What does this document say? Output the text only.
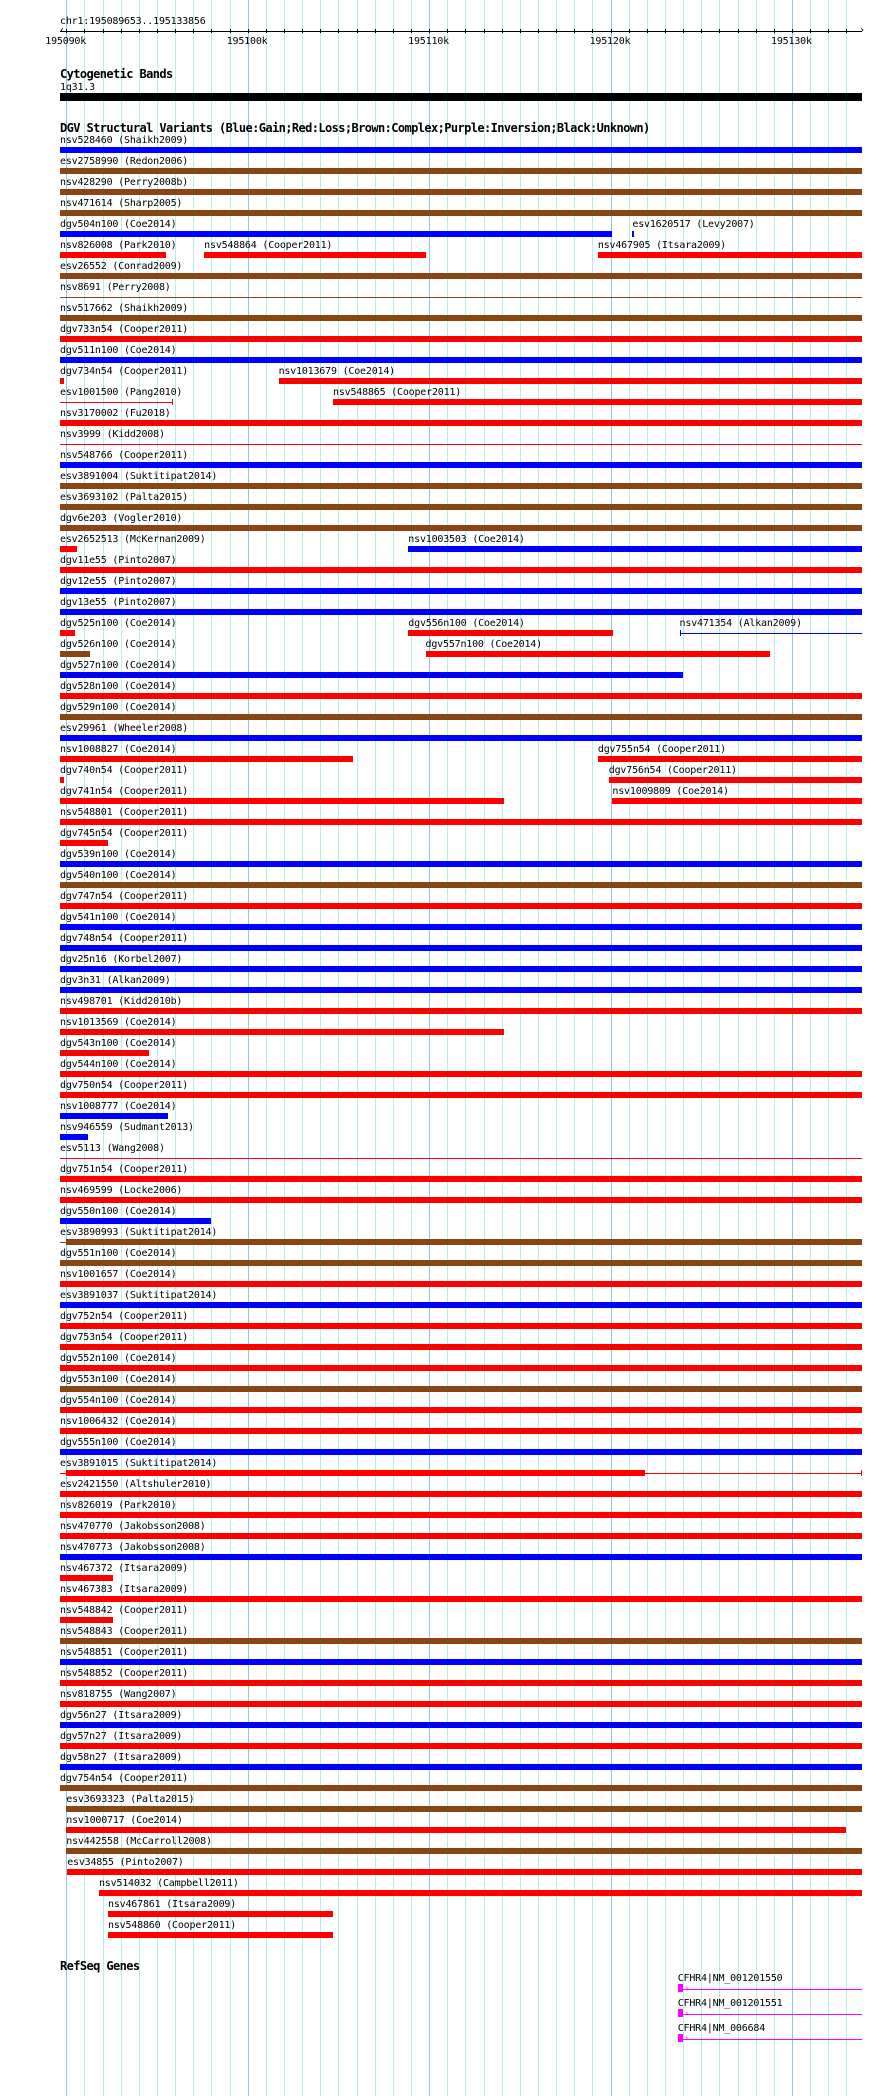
chr1:195089653..195133856
‹	›
195090k	195100k	195110k	195120k	195130k
Cytogenetic Bands
1q31.3
DGV Structural Variants (Blue:Gain;Red:Loss;Brown:Complex;Purple:Inversion;Black:Unknown)
nsv528460 (Shaikh2009)
esv2758990 (Redon2006)
nsv428290 (Perry2008b)
nsv471614 (Sharp2005)
dgv504n100 (Coe2014)	esv1620517 (Levy2007)
nsv826008 (Park2010)	nsv548864 (Cooper2011)	nsv467905 (Itsara2009)
esv26552 (Conrad2009)
nsv8691 (Perry2008)
nsv517662 (Shaikh2009)
dgv733n54 (Cooper2011)
dgv511n100 (Coe2014)
dgv734n54 (Cooper2011)	nsv1013679 (Coe2014)
esv1001500 (Pang2010)	nsv548865 (Cooper2011)
nsv3170002 (Fu2018)
nsv3999 (Kidd2008)
nsv548766 (Cooper2011)
esv3891004 (Suktitipat2014)
esv3693102 (Palta2015)
dgv6e203 (Vogler2010)
esv2652513 (McKernan2009)	nsv1003503 (Coe2014)
dgv11e55 (Pinto2007)
dgv12e55 (Pinto2007)
dgv13e55 (Pinto2007)
dgv525n100 (Coe2014)	dgv556n100 (Coe2014)	nsv471354 (Alkan2009)
dgv526n100 (Coe2014)	dgv557n100 (Coe2014)
dgv527n100 (Coe2014)
dgv528n100 (Coe2014)
dgv529n100 (Coe2014)
esv29961 (Wheeler2008)
nsv1008827 (Coe2014)	dgv755n54 (Cooper2011)
dgv740n54 (Cooper2011)	dgv756n54 (Cooper2011)
dgv741n54 (Cooper2011)	nsv1009809 (Coe2014)
nsv548801 (Cooper2011)
dgv745n54 (Cooper2011)
dgv539n100 (Coe2014)
dgv540n100 (Coe2014)
dgv747n54 (Cooper2011)
dgv541n100 (Coe2014)
dgv748n54 (Cooper2011)
dgv25n16 (Korbel2007)
dgv3n31 (Alkan2009)
nsv498701 (Kidd2010b)
nsv1013569 (Coe2014)
dgv543n100 (Coe2014)
dgv544n100 (Coe2014)
dgv750n54 (Cooper2011)
nsv1008777 (Coe2014)
nsv946559 (Sudmant2013)
esv5113 (Wang2008)
dgv751n54 (Cooper2011)
nsv469599 (Locke2006)
dgv550n100 (Coe2014)
esv3890993 (Suktitipat2014)
dgv551n100 (Coe2014)
nsv1001657 (Coe2014)
esv3891037 (Suktitipat2014)
dgv752n54 (Cooper2011)
dgv753n54 (Cooper2011)
dgv552n100 (Coe2014)
dgv553n100 (Coe2014)
dgv554n100 (Coe2014)
nsv1006432 (Coe2014)
dgv555n100 (Coe2014)
esv3891015 (Suktitipat2014)
esv2421550 (Altshuler2010)
nsv826019 (Park2010)
nsv470770 (Jakobsson2008)
nsv470773 (Jakobsson2008)
nsv467372 (Itsara2009)
nsv467383 (Itsara2009)
nsv548842 (Cooper2011)
nsv548843 (Cooper2011)
nsv548851 (Cooper2011)
nsv548852 (Cooper2011)
nsv818755 (Wang2007)
dgv56n27 (Itsara2009)
dgv57n27 (Itsara2009)
dgv58n27 (Itsara2009)
dgv754n54 (Cooper2011)
esv3693323 (Palta2015)
nsv1000717 (Coe2014)
nsv442558 (McCarroll2008)
esv34855 (Pinto2007)
nsv514032 (Campbell2011)
nsv467861 (Itsara2009)
nsv548860 (Cooper2011)
RefSeq Genes
CFHR4|NM_001201550
›
CFHR4|NM_001201551
›
CFHR4|NM_006684
›
